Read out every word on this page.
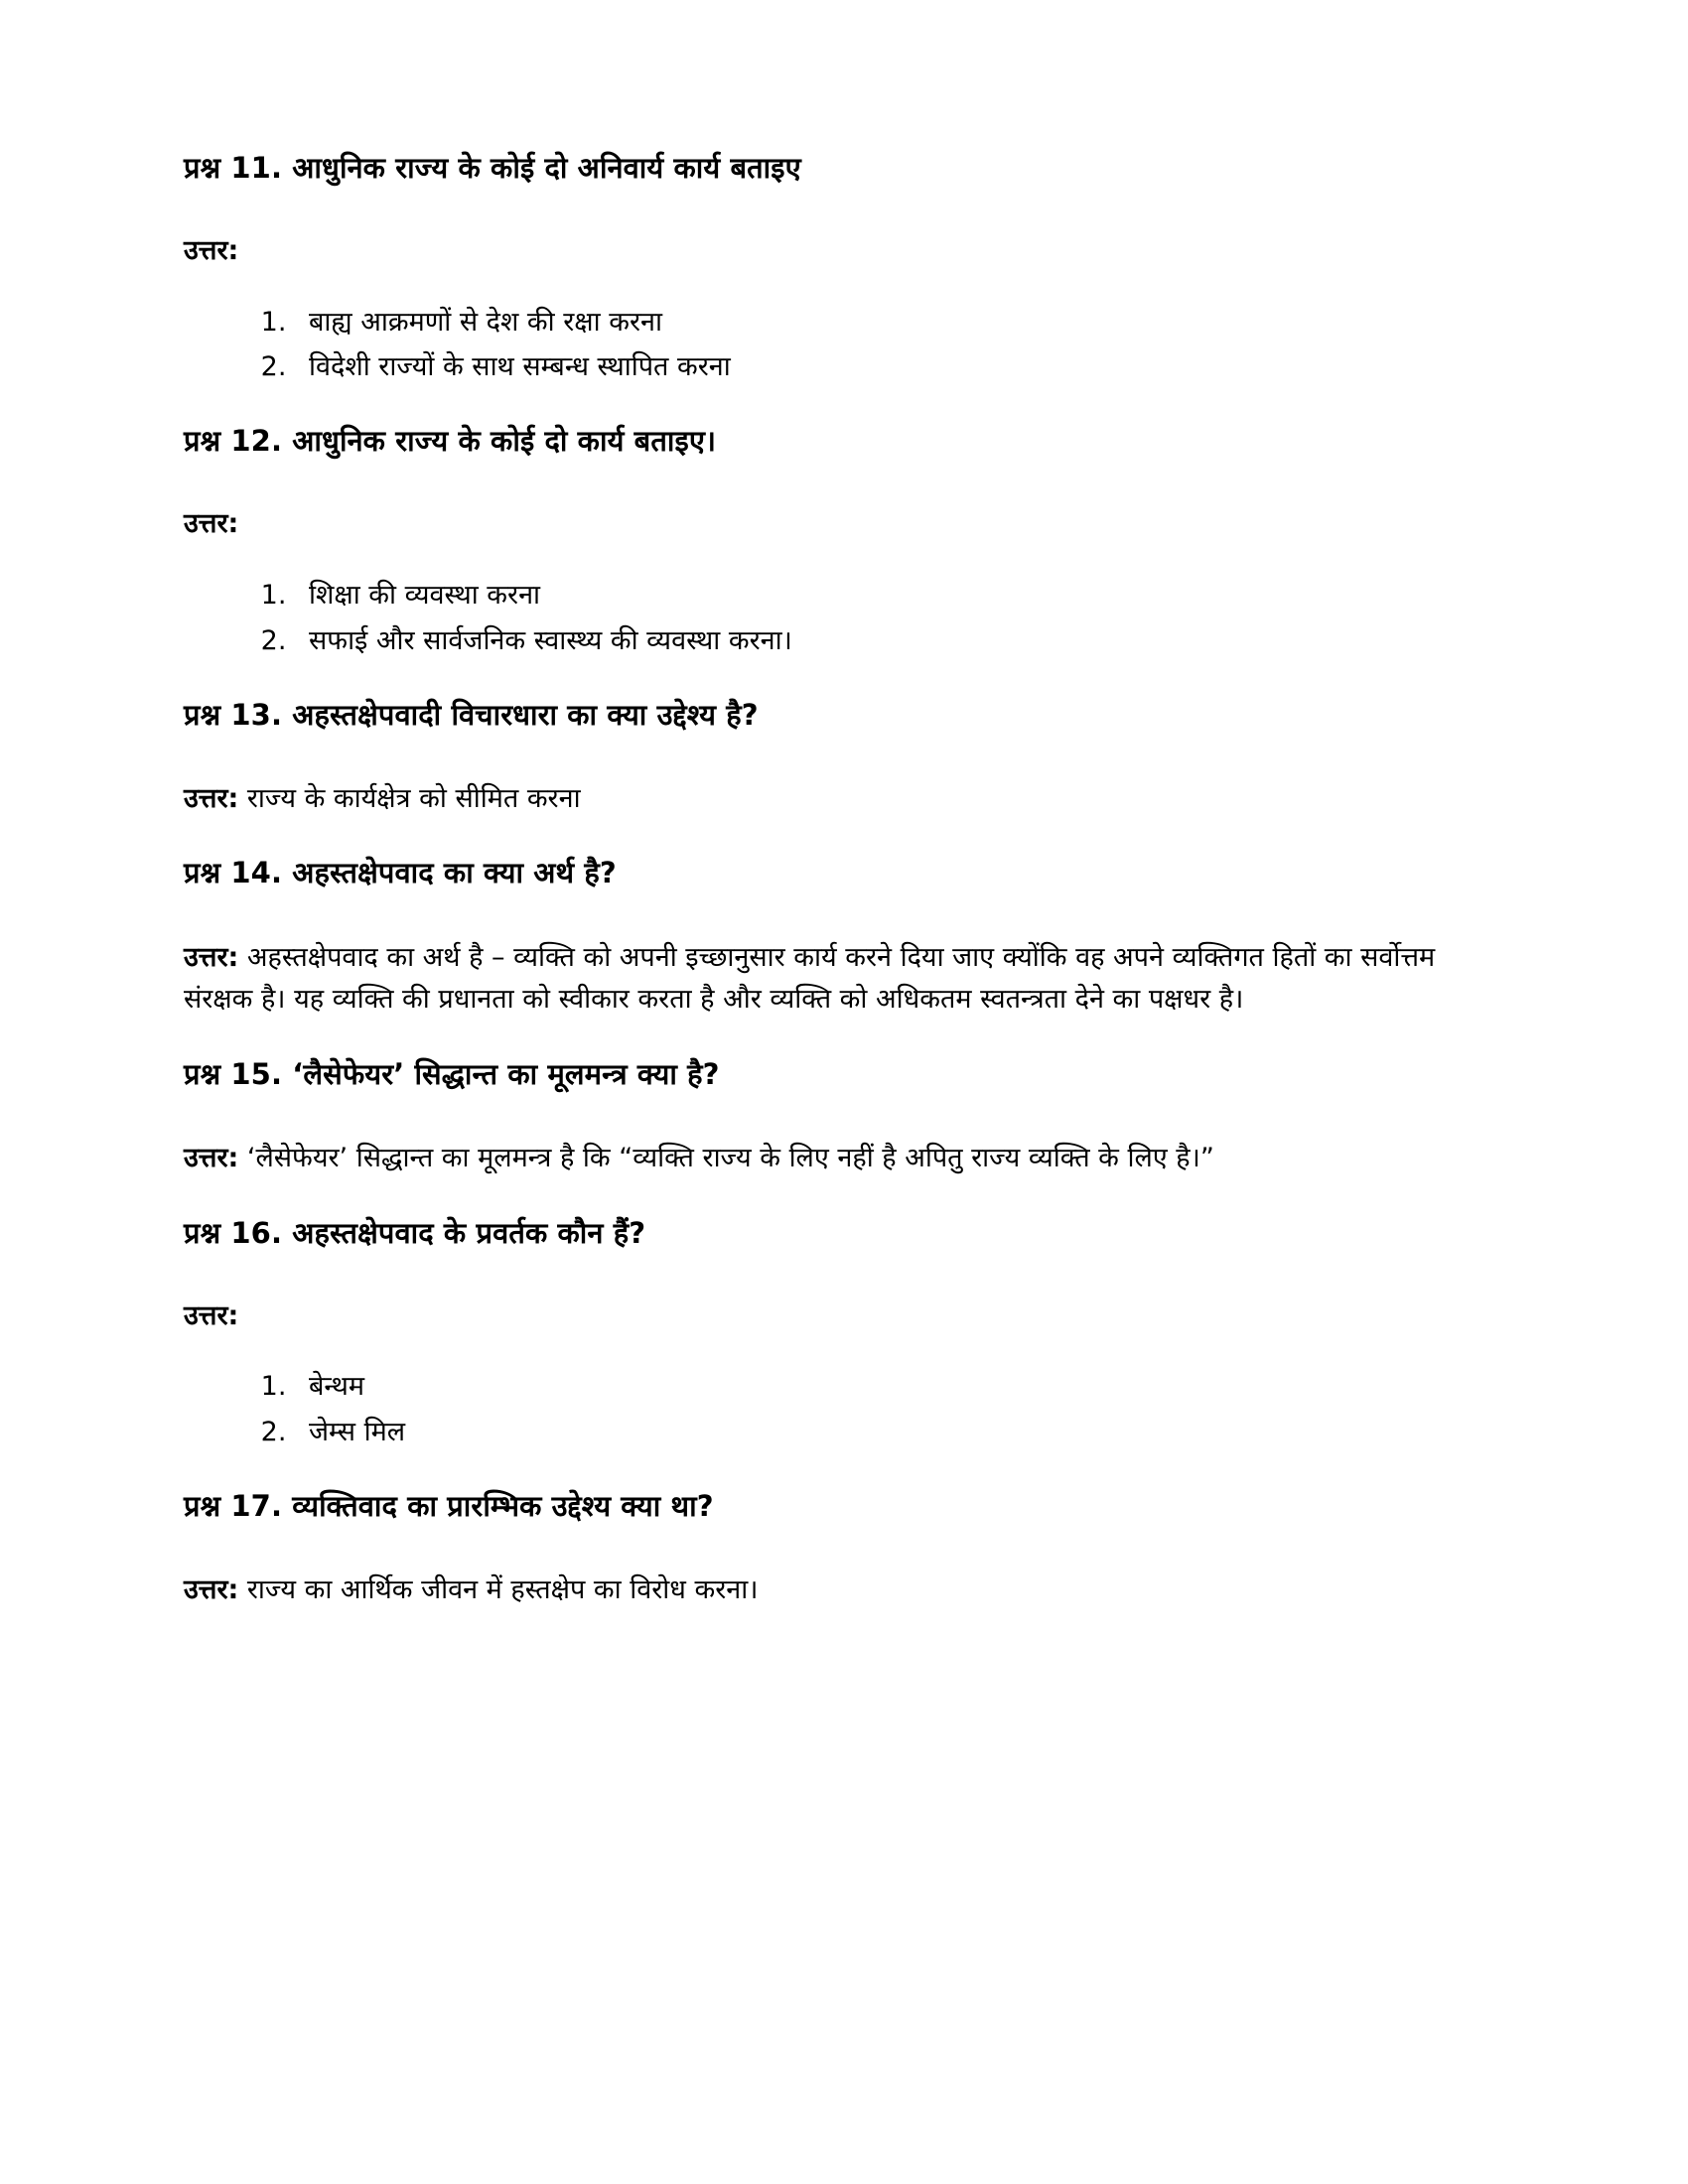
प्रश्न 11. आधुनिक राज्य के कोई दो अनिवार्य कार्य बताइए

उत्तर:

1. बाह्य आक्रमणों से देश की रक्षा करना
2. विदेशी राज्यों के साथ सम्बन्ध स्थापित करना
प्रश्न 12. आधुनिक राज्य के कोई दो कार्य बताइए।

उत्तर:

1. शिक्षा की व्यवस्था करना
2. सफाई और सार्वजनिक स्वास्थ्य की व्यवस्था करना।
प्रश्न 13. अहस्तक्षेपवादी विचारधारा का क्या उद्देश्य है?

उत्तर: राज्य के कार्यक्षेत्र को सीमित करना

प्रश्न 14. अहस्तक्षेपवाद का क्या अर्थ है?

उत्तर: अहस्तक्षेपवाद का अर्थ है – व्यक्ति को अपनी इच्छानुसार कार्य करने दिया जाए क्योंकि वह अपने व्यक्तिगत हितों का सर्वोत्तम संरक्षक है। यह व्यक्ति की प्रधानता को स्वीकार करता है और व्यक्ति को अधिकतम स्वतन्त्रता देने का पक्षधर है।

प्रश्न 15. ‘लैसेफेयर’ सिद्धान्त का मूलमन्त्र क्या है?

उत्तर: ‘लैसेफेयर’ सिद्धान्त का मूलमन्त्र है कि “व्यक्ति राज्य के लिए नहीं है अपितु राज्य व्यक्ति के लिए है।”

प्रश्न 16. अहस्तक्षेपवाद के प्रवर्तक कौन हैं?

उत्तर:

1. बेन्थम
2. जेम्स मिल
प्रश्न 17. व्यक्तिवाद का प्रारम्भिक उद्देश्य क्या था?

उत्तर: राज्य का आर्थिक जीवन में हस्तक्षेप का विरोध करना।
